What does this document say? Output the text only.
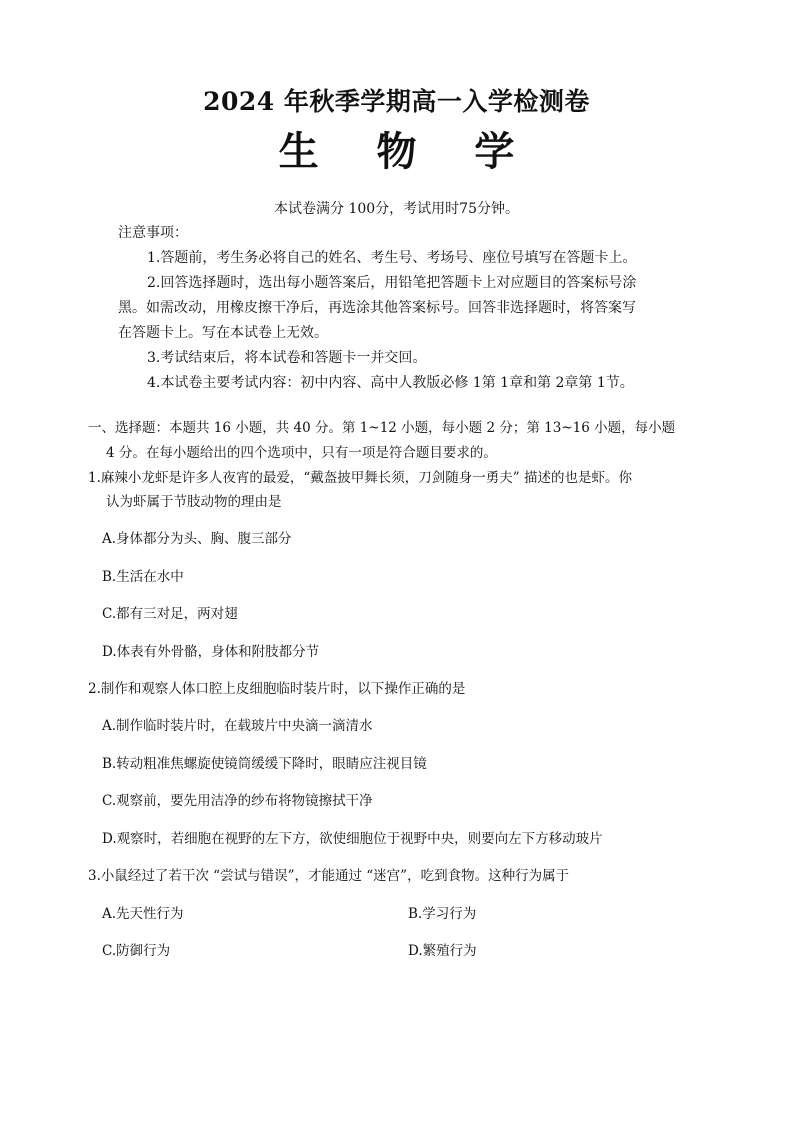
2024 年秋季学期高一入学检测卷
生 物 学
本试卷满分 100分，考试用时75分钟。
注意事项：
1.答题前，考生务必将自己的姓名、考生号、考场号、座位号填写在答题卡上。
2.回答选择题时，选出每小题答案后，用铅笔把答题卡上对应题目的答案标号涂
黑。如需改动，用橡皮擦干净后，再选涂其他答案标号。回答非选择题时，将答案写
在答题卡上。写在本试卷上无效。
3.考试结束后，将本试卷和答题卡一并交回。
4.本试卷主要考试内容：初中内容、高中人教版必修 1第 1章和第 2章第 1节。
一、选择题：本题共 16 小题，共 40 分。第 1~12 小题，每小题 2 分；第 13~16 小题，每小题
4 分。在每小题给出的四个选项中，只有一项是符合题目要求的。
1.麻辣小龙虾是许多人夜宵的最爱，“戴盔披甲舞长须，刀剑随身一勇夫” 描述的也是虾。你
认为虾属于节肢动物的理由是
A.身体都分为头、胸、腹三部分
B.生活在水中
C.都有三对足，两对翅
D.体表有外骨骼，身体和附肢都分节
2.制作和观察人体口腔上皮细胞临时装片时，以下操作正确的是
A.制作临时装片时，在载玻片中央滴一滴清水
B.转动粗准焦螺旋使镜筒缓缓下降时，眼睛应注视目镜
C.观察前，要先用洁净的纱布将物镜擦拭干净
D.观察时，若细胞在视野的左下方，欲使细胞位于视野中央，则要向左下方移动玻片
3.小鼠经过了若干次 “尝试与错误”，才能通过 “迷宫”，吃到食物。这种行为属于
A.先天性行为	B.学习行为
C.防御行为	D.繁殖行为
